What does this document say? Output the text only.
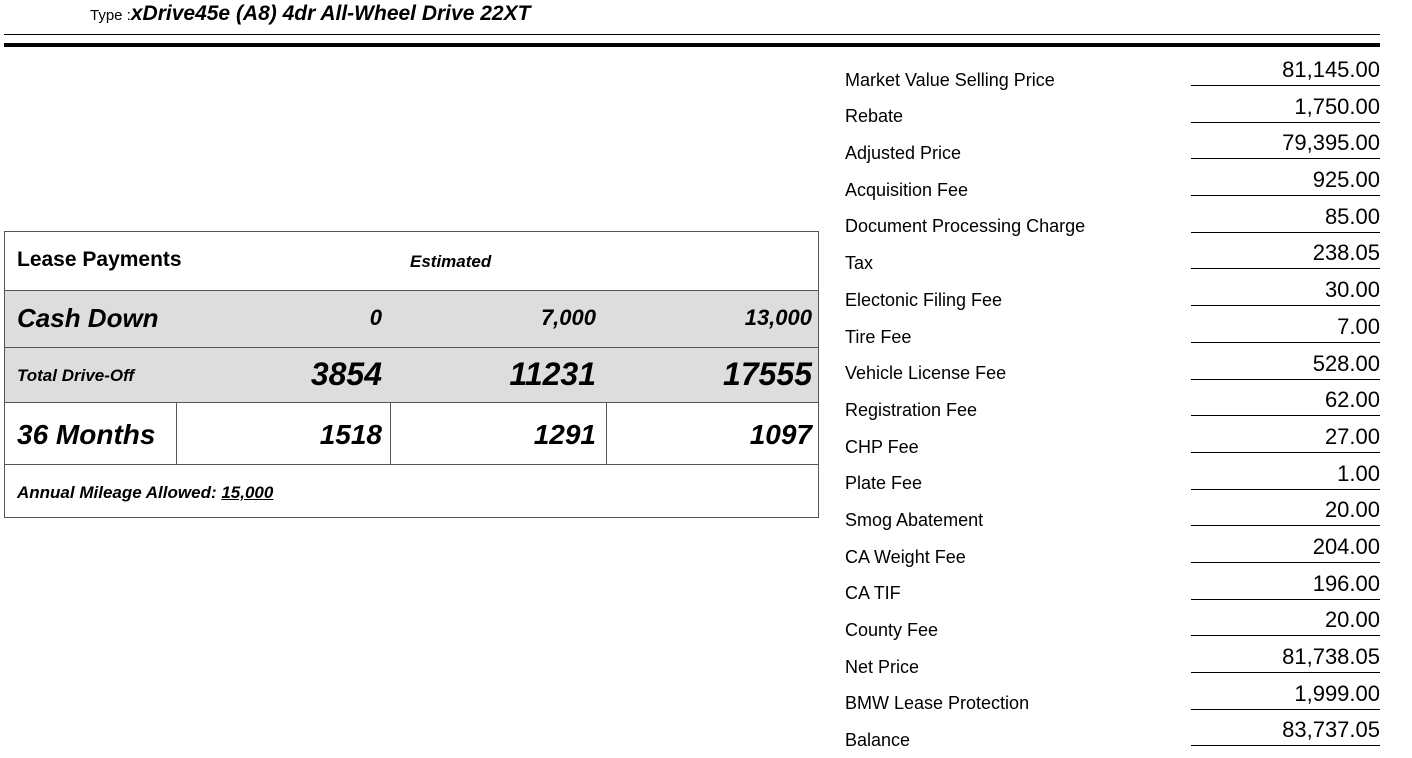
Type :xDrive45e (A8) 4dr All-Wheel Drive 22XT
Lease Payments	Estimated
Cash Down	0	7,000	13,000
Total Drive-Off	3854	11231	17555
36 Months	1518	1291	1097
Annual Mileage Allowed: 15,000
Market Value Selling Price	81,145.00
Rebate	1,750.00
Adjusted Price	79,395.00
Acquisition Fee	925.00
Document Processing Charge	85.00
Tax	238.05
Electonic Filing Fee	30.00
Tire Fee	7.00
Vehicle License Fee	528.00
Registration Fee	62.00
CHP Fee	27.00
Plate Fee	1.00
Smog Abatement	20.00
CA Weight Fee	204.00
CA TIF	196.00
County Fee	20.00
Net Price	81,738.05
BMW Lease Protection	1,999.00
Balance	83,737.05
